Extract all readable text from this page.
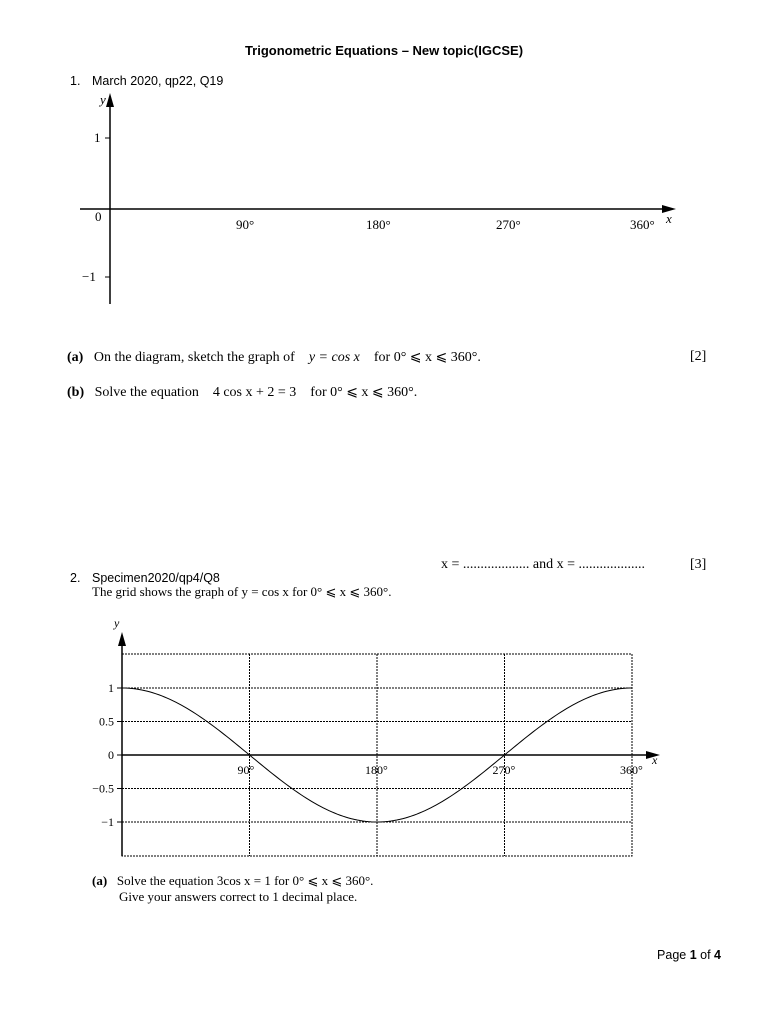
Trigonometric Equations – New topic(IGCSE)
1. March 2020, qp22, Q19
y
x
1
0
−1
90°	180°	270°	360°
(a) On the diagram, sketch the graph of y = cos x for 0° ⩽ x ⩽ 360°.	[2]
(b) Solve the equation 4 cos x + 2 = 3 for 0° ⩽ x ⩽ 360°.
x = ................... and x = ...................	[3]
2. Specimen2020/qp4/Q8
The grid shows the graph of y = cos x for 0° ⩽ x ⩽ 360°.
y
x
1
0.5
0
−0.5
−1
90°	180°	270°	360°
(a) Solve the equation 3cos x = 1 for 0° ⩽ x ⩽ 360°.
Give your answers correct to 1 decimal place.
Page 1 of 4
